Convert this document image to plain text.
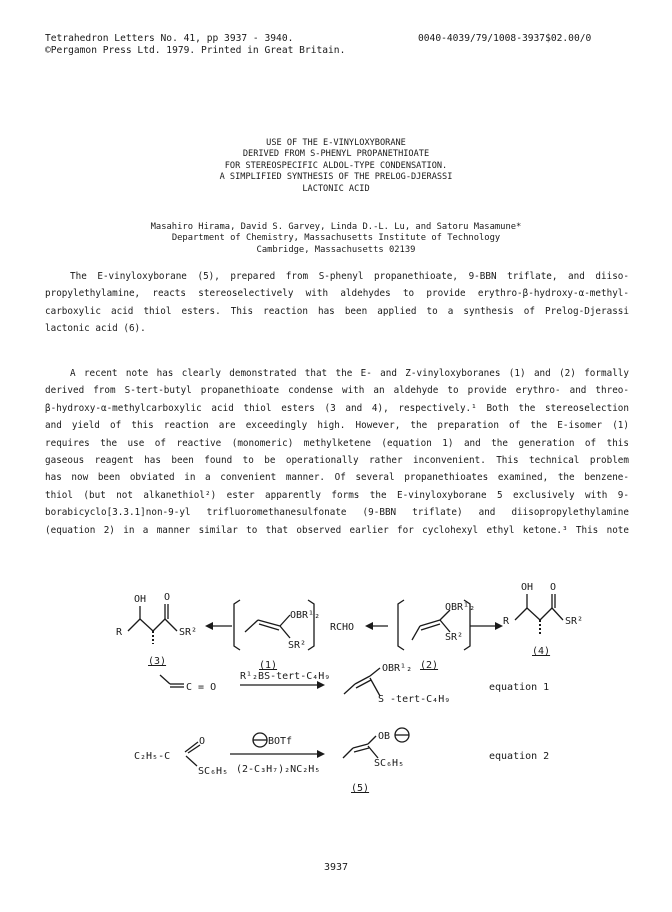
Tetrahedron Letters No. 41, pp 3937 - 3940.
©Pergamon Press Ltd. 1979. Printed in Great Britain.
0040-4039/79/1008-3937$02.00/0
USE OF THE E-VINYLOXYBORANE
DERIVED FROM S-PHENYL PROPANETHIOATE
FOR STEREOSPECIFIC ALDOL-TYPE CONDENSATION.
A SIMPLIFIED SYNTHESIS OF THE PRELOG-DJERASSI
LACTONIC ACID
Masahiro Hirama, David S. Garvey, Linda D.-L. Lu, and Satoru Masamune*
Department of Chemistry, Massachusetts Institute of Technology
Cambridge, Massachusetts 02139
The E-vinyloxyborane (5), prepared from S-phenyl propanethioate, 9-BBN triflate, and diiso-
propylethylamine, reacts stereoselectively with aldehydes to provide erythro-β-hydroxy-α-methyl-
carboxylic acid thiol esters. This reaction has been applied to a synthesis of Prelog-Djerassi
lactonic acid (6).
A recent note has clearly demonstrated that the E- and Z-vinyloxyboranes (1) and (2) formally
derived from S-tert-butyl propanethioate condense with an aldehyde to provide erythro- and threo-
β-hydroxy-α-methylcarboxylic acid thiol esters (3 and 4), respectively.¹ Both the stereoselection
and yield of this reaction are exceedingly high. However, the preparation of the E-isomer (1)
requires the use of reactive (monomeric) methylketene (equation 1) and the generation of this
gaseous reagent has been found to be operationally rather inconvenient. This technical problem
has now been obviated in a convenient manner. Of several propanethioates examined, the benzene-
thiol (but not alkanethiol²) ester apparently forms the E-vinyloxyborane 5 exclusively with 9-
borabicyclo[3.3.1]non-9-yl trifluoromethanesulfonate (9-BBN triflate) and diisopropylethylamine
(equation 2) in a manner similar to that observed earlier for cyclohexyl ethyl ketone.³ This note
OH O
R	SR²
(3)
OBR¹₂
SR²
(1)
RCHO
OBR¹₂
SR²
(2)
OH O
R	SR²
(4)
C = O
R¹₂BS-tert-C₄H₉
OBR¹₂
S -tert-C₄H₉
equation 1
C₂H₅-C
O
SC₆H₅
BOTf
(2-C₃H₇)₂NC₂H₅
OB
SC₆H₅
(5)
equation 2
3937
